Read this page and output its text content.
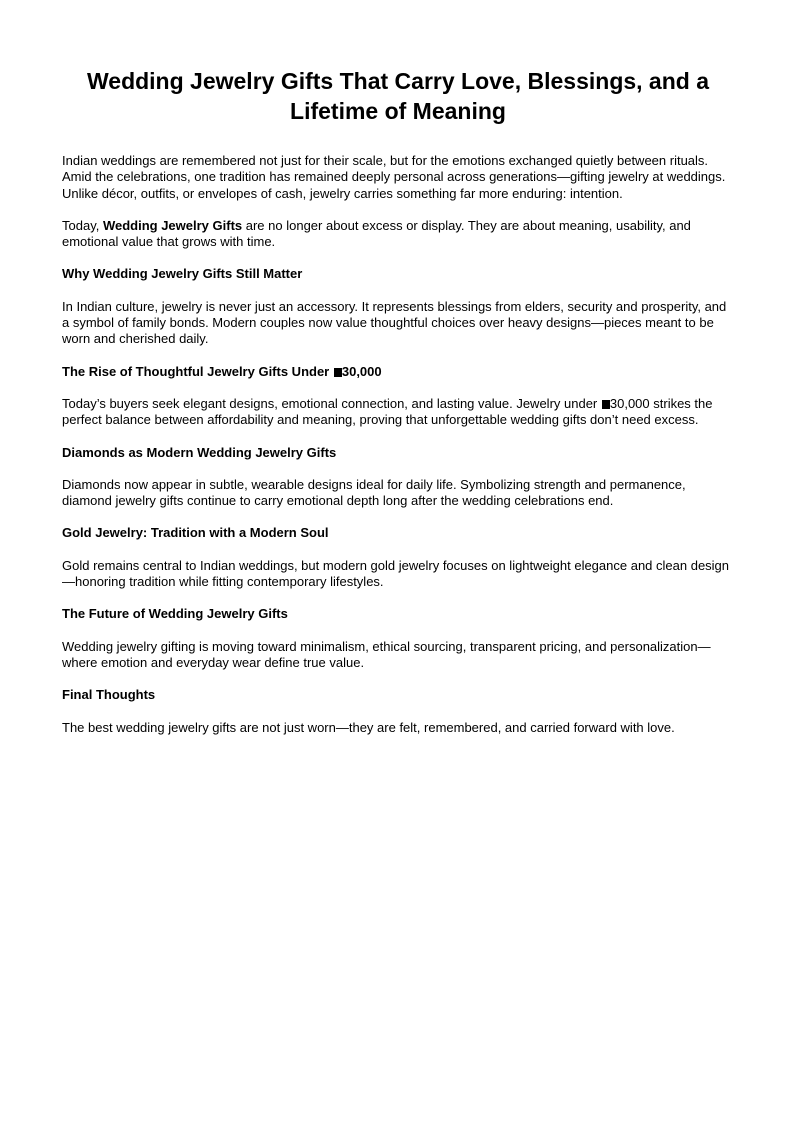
Wedding Jewelry Gifts That Carry Love, Blessings, and a Lifetime of Meaning

Indian weddings are remembered not just for their scale, but for the emotions exchanged quietly between rituals. Amid the celebrations, one tradition has remained deeply personal across generations—gifting jewelry at weddings. Unlike décor, outfits, or envelopes of cash, jewelry carries something far more enduring: intention.

Today, Wedding Jewelry Gifts are no longer about excess or display. They are about meaning, usability, and emotional value that grows with time.

Why Wedding Jewelry Gifts Still Matter

In Indian culture, jewelry is never just an accessory. It represents blessings from elders, security and prosperity, and a symbol of family bonds. Modern couples now value thoughtful choices over heavy designs—pieces meant to be worn and cherished daily.

The Rise of Thoughtful Jewelry Gifts Under 30,000

Today’s buyers seek elegant designs, emotional connection, and lasting value. Jewelry under 30,000 strikes the perfect balance between affordability and meaning, proving that unforgettable wedding gifts don’t need excess.

Diamonds as Modern Wedding Jewelry Gifts

Diamonds now appear in subtle, wearable designs ideal for daily life. Symbolizing strength and permanence, diamond jewelry gifts continue to carry emotional depth long after the wedding celebrations end.

Gold Jewelry: Tradition with a Modern Soul

Gold remains central to Indian weddings, but modern gold jewelry focuses on lightweight elegance and clean design—honoring tradition while fitting contemporary lifestyles.

The Future of Wedding Jewelry Gifts

Wedding jewelry gifting is moving toward minimalism, ethical sourcing, transparent pricing, and personalization—where emotion and everyday wear define true value.

Final Thoughts

The best wedding jewelry gifts are not just worn—they are felt, remembered, and carried forward with love.
